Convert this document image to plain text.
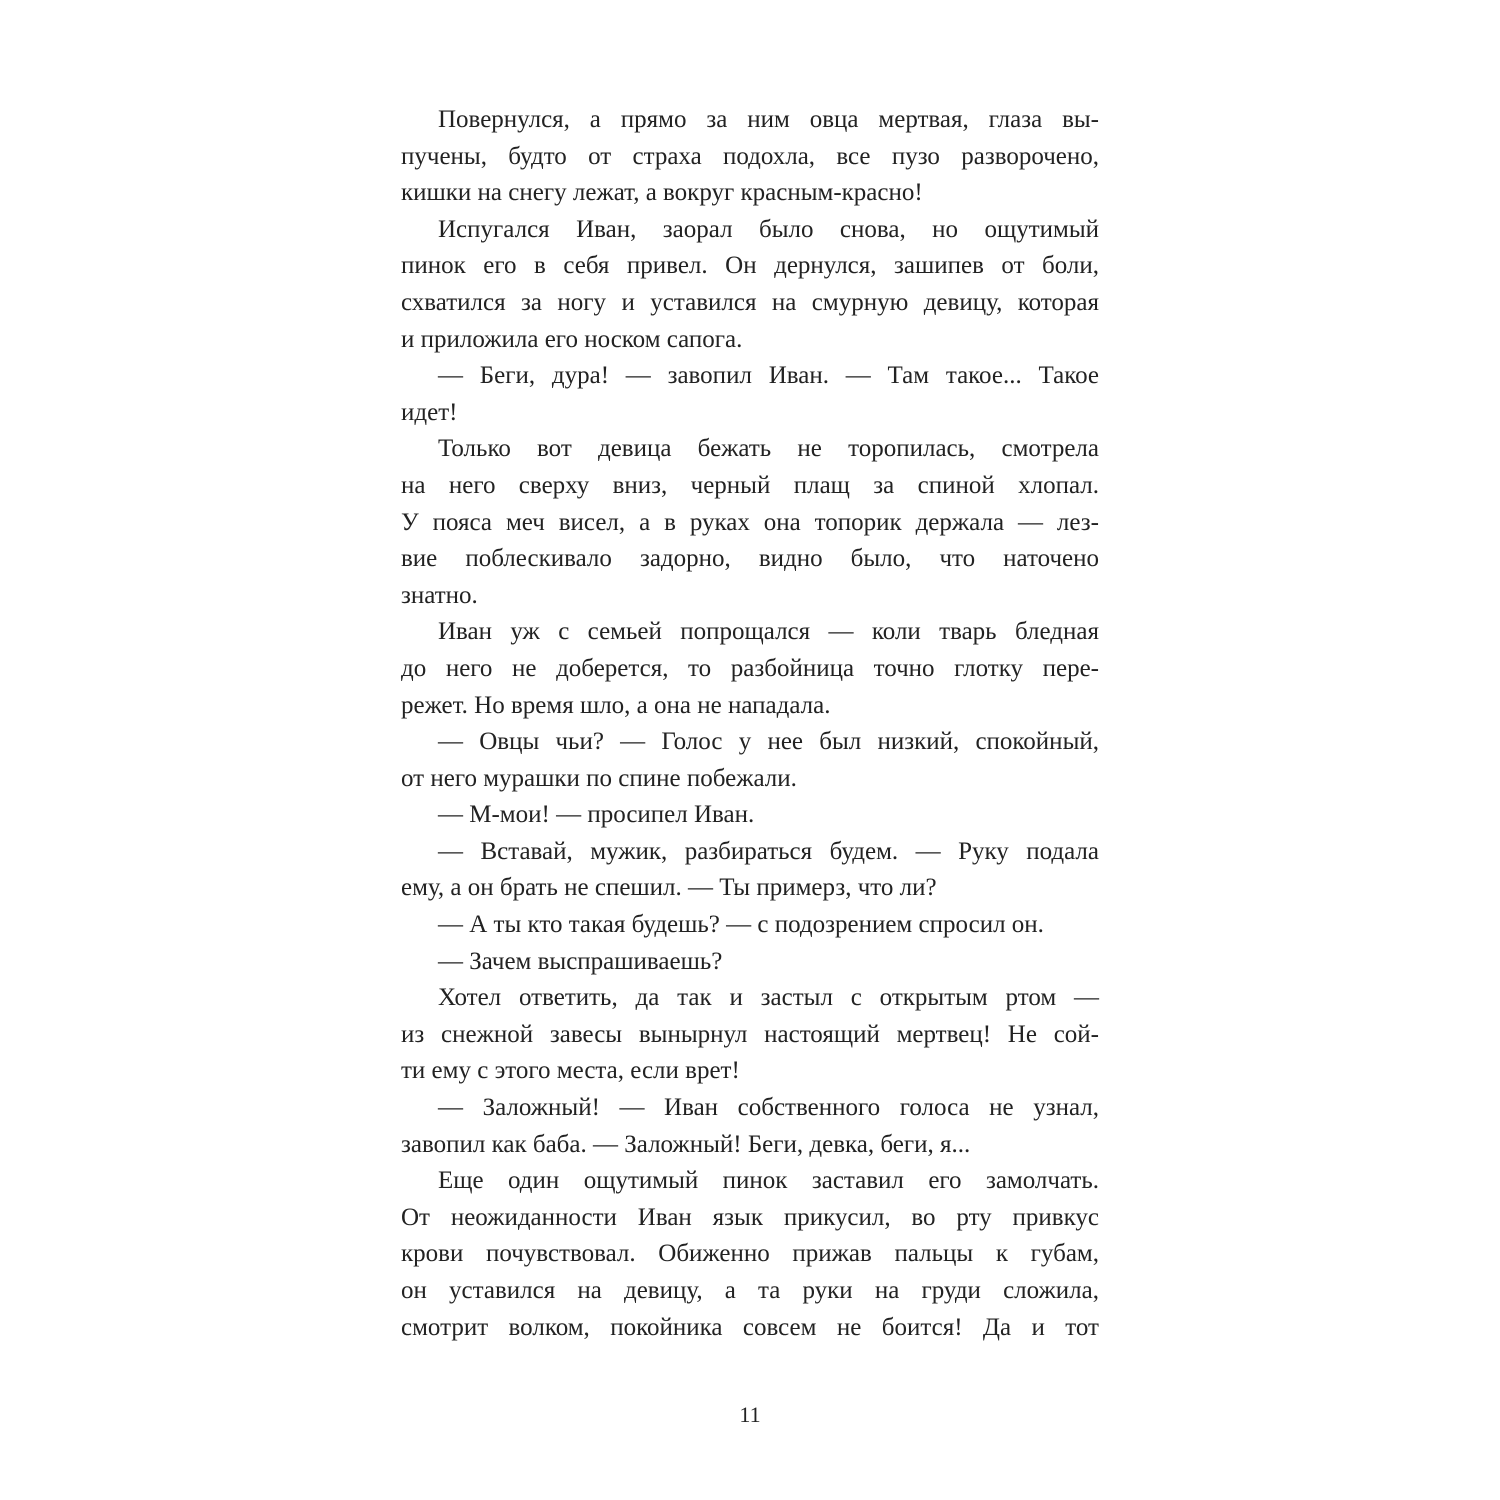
Повернулся, а прямо за ним овца мертвая, глаза вы-
пучены, будто от страха подохла, все пузо разворочено,
кишки на снегу лежат, а вокруг красным-красно!
Испугался Иван, заорал было снова, но ощутимый
пинок его в себя привел. Он дернулся, зашипев от боли,
схватился за ногу и уставился на смурную девицу, которая
и приложила его носком сапога.
— Беги, дура! — завопил Иван. — Там такое... Такое
идет!
Только вот девица бежать не торопилась, смотрела
на него сверху вниз, черный плащ за спиной хлопал.
У пояса меч висел, а в руках она топорик держала — лез-
вие поблескивало задорно, видно было, что наточено
знатно.
Иван уж с семьей попрощался — коли тварь бледная
до него не доберется, то разбойница точно глотку пере-
режет. Но время шло, а она не нападала.
— Овцы чьи? — Голос у нее был низкий, спокойный,
от него мурашки по спине побежали.
— М-мои! — просипел Иван.
— Вставай, мужик, разбираться будем. — Руку подала
ему, а он брать не спешил. — Ты примерз, что ли?
— А ты кто такая будешь? — с подозрением спросил он.
— Зачем выспрашиваешь?
Хотел ответить, да так и застыл с открытым ртом —
из снежной завесы вынырнул настоящий мертвец! Не сой-
ти ему с этого места, если врет!
— Заложный! — Иван собственного голоса не узнал,
завопил как баба. — Заложный! Беги, девка, беги, я...
Еще один ощутимый пинок заставил его замолчать.
От неожиданности Иван язык прикусил, во рту привкус
крови почувствовал. Обиженно прижав пальцы к губам,
он уставился на девицу, а та руки на груди сложила,
смотрит волком, покойника совсем не боится! Да и тот
11
